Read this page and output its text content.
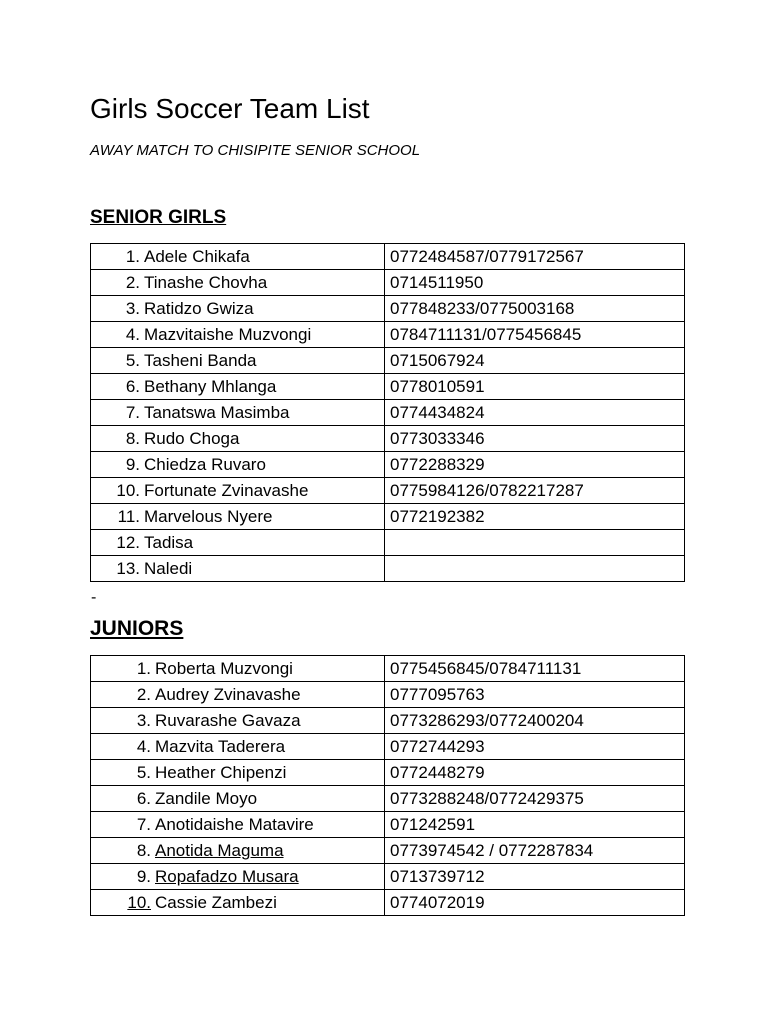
Girls Soccer Team List

AWAY MATCH TO CHISIPITE SENIOR SCHOOL

SENIOR GIRLS
1. Adele Chikafa	0772484587/0779172567
2. Tinashe Chovha	0714511950
3. Ratidzo Gwiza	077848233/0775003168
4. Mazvitaishe Muzvongi	0784711131/0775456845
5. Tasheni Banda	0715067924
6. Bethany Mhlanga	0778010591
7. Tanatswa Masimba	0774434824
8. Rudo Choga	0773033346
9. Chiedza Ruvaro	0772288329
10. Fortunate Zvinavashe	0775984126/0782217287
11. Marvelous Nyere	0772192382
12. Tadisa	
13. Naledi	
-
JUNIORS
1. Roberta Muzvongi	0775456845/0784711131
2. Audrey Zvinavashe	0777095763
3. Ruvarashe Gavaza	0773286293/0772400204
4. Mazvita Taderera	0772744293
5. Heather Chipenzi	0772448279
6. Zandile Moyo	0773288248/0772429375
7. Anotidaishe Matavire	071242591
8. Anotida Maguma	0773974542 / 0772287834
9. Ropafadzo Musara	0713739712
10. Cassie Zambezi	0774072019
